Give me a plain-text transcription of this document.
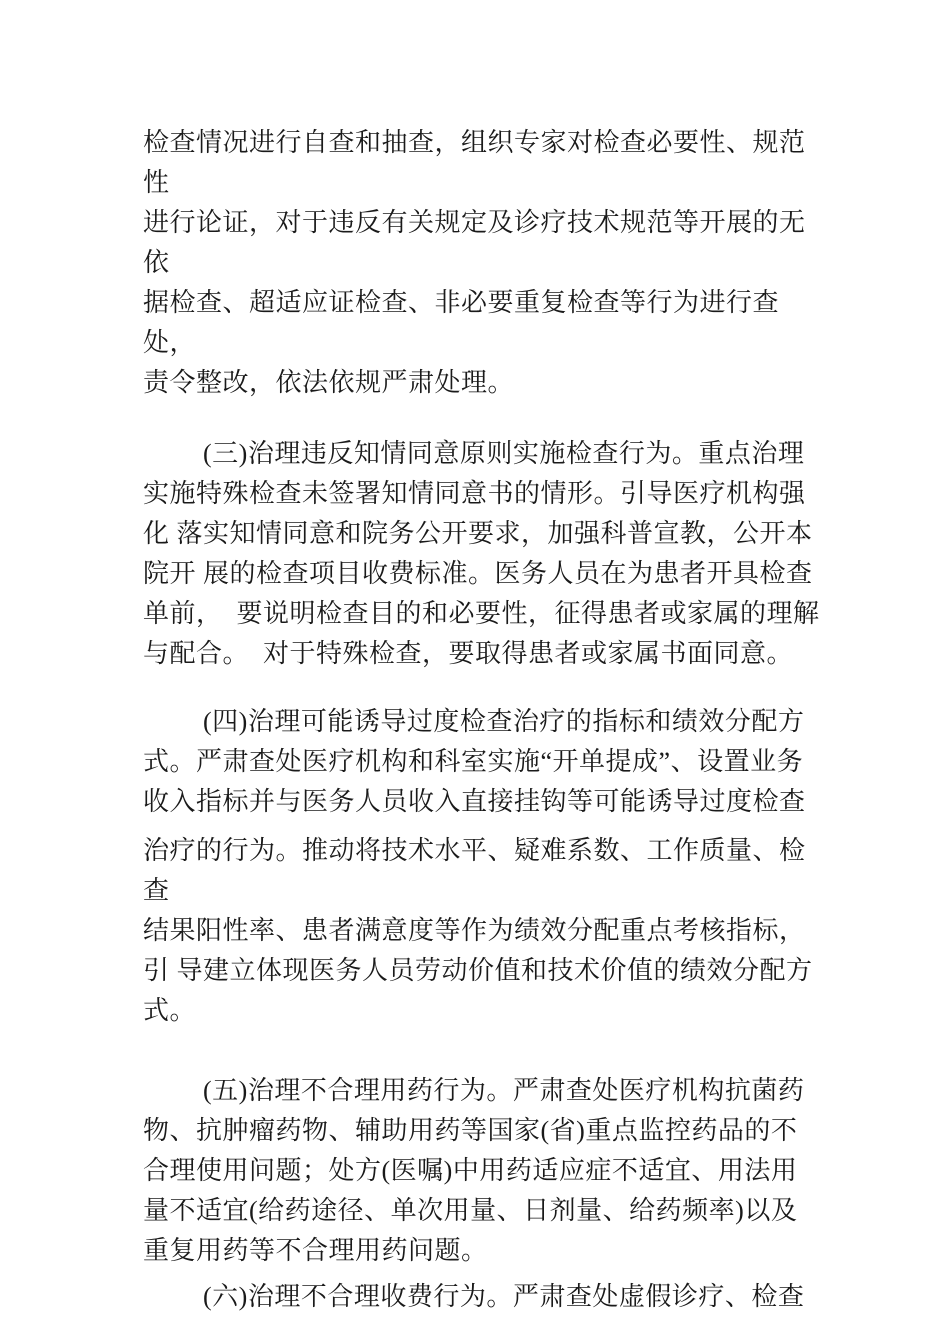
检查情况进行自查和抽查，组织专家对检查必要性、规范性
进行论证，对于违反有关规定及诊疗技术规范等开展的无依
据检查、超适应证检查、非必要重复检查等行为进行查处，
责令整改，依法依规严肃处理。
(三)治理违反知情同意原则实施检查行为。重点治理
实施特殊检查未签署知情同意书的情形。引导医疗机构强
化 落实知情同意和院务公开要求，加强科普宣教，公开本
院开 展的检查项目收费标准。医务人员在为患者开具检查
单前，  要说明检查目的和必要性，征得患者或家属的理解
与配合。  对于特殊检查，要取得患者或家属书面同意。
(四)治理可能诱导过度检查治疗的指标和绩效分配方
式。严肃查处医疗机构和科室实施“开单提成”、设置业务
收入指标并与医务人员收入直接挂钩等可能诱导过度检查
治疗的行为。推动将技术水平、疑难系数、工作质量、检查
结果阳性率、患者满意度等作为绩效分配重点考核指标，
引 导建立体现医务人员劳动价值和技术价值的绩效分配方
式。
(五)治理不合理用药行为。严肃查处医疗机构抗菌药
物、抗肿瘤药物、辅助用药等国家(省)重点监控药品的不
合理使用问题；处方(医嘱)中用药适应症不适宜、用法用
量不适宜(给药途径、单次用量、日剂量、给药频率)以及
重复用药等不合理用药问题。
(六)治理不合理收费行为。严肃查处虚假诊疗、检查
